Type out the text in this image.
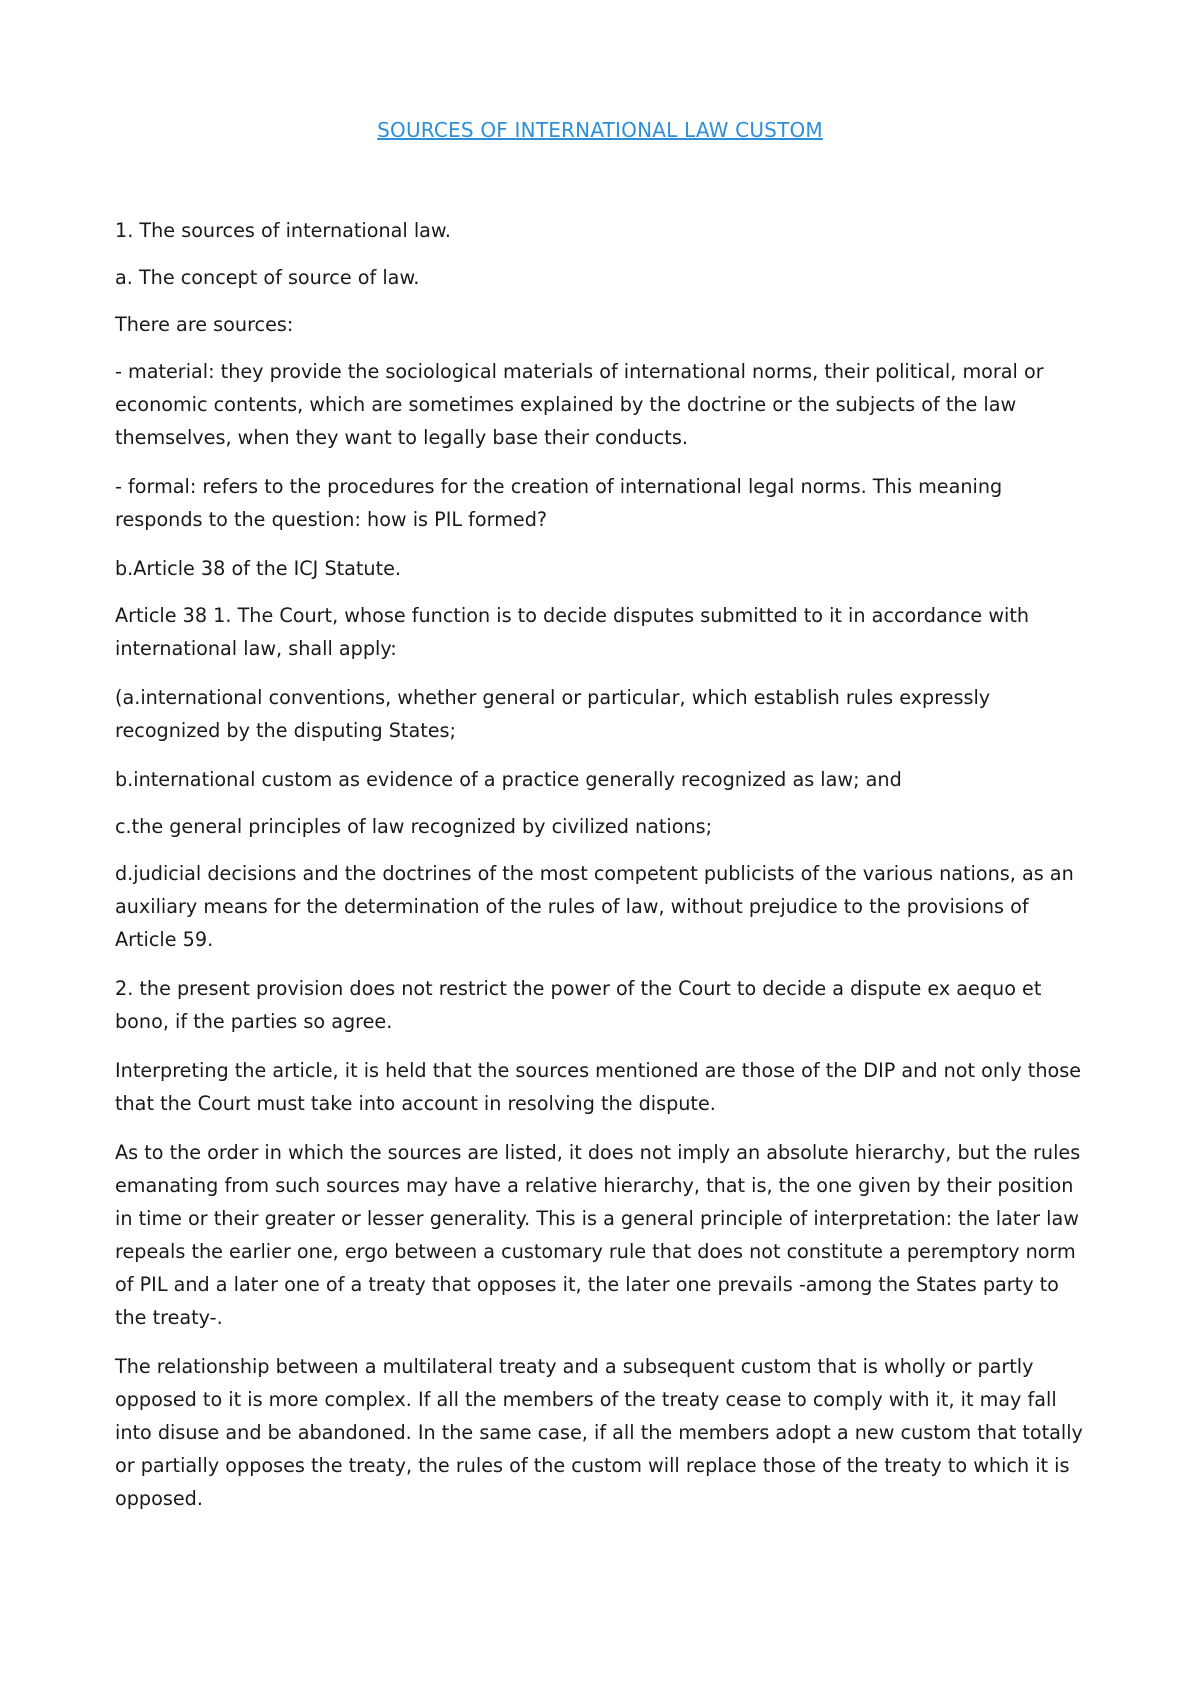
SOURCES OF INTERNATIONAL LAW CUSTOM

1. The sources of international law.

a. The concept of source of law.

There are sources:

- material: they provide the sociological materials of international norms, their political, moral or economic contents, which are sometimes explained by the doctrine or the subjects of the law themselves, when they want to legally base their conducts.

- formal: refers to the procedures for the creation of international legal norms. This meaning responds to the question: how is PIL formed?

b.Article 38 of the ICJ Statute.

Article 38 1. The Court, whose function is to decide disputes submitted to it in accordance with international law, shall apply:

(a.international conventions, whether general or particular, which establish rules expressly recognized by the disputing States;

b.international custom as evidence of a practice generally recognized as law; and

c.the general principles of law recognized by civilized nations;

d.judicial decisions and the doctrines of the most competent publicists of the various nations, as an auxiliary means for the determination of the rules of law, without prejudice to the provisions of Article 59.

2. the present provision does not restrict the power of the Court to decide a dispute ex aequo et bono, if the parties so agree.

Interpreting the article, it is held that the sources mentioned are those of the DIP and not only those that the Court must take into account in resolving the dispute.

As to the order in which the sources are listed, it does not imply an absolute hierarchy, but the rules emanating from such sources may have a relative hierarchy, that is, the one given by their position in time or their greater or lesser generality. This is a general principle of interpretation: the later law repeals the earlier one, ergo between a customary rule that does not constitute a peremptory norm of PIL and a later one of a treaty that opposes it, the later one prevails -among the States party to the treaty-.

The relationship between a multilateral treaty and a subsequent custom that is wholly or partly opposed to it is more complex. If all the members of the treaty cease to comply with it, it may fall into disuse and be abandoned. In the same case, if all the members adopt a new custom that totally or partially opposes the treaty, the rules of the custom will replace those of the treaty to which it is opposed.
